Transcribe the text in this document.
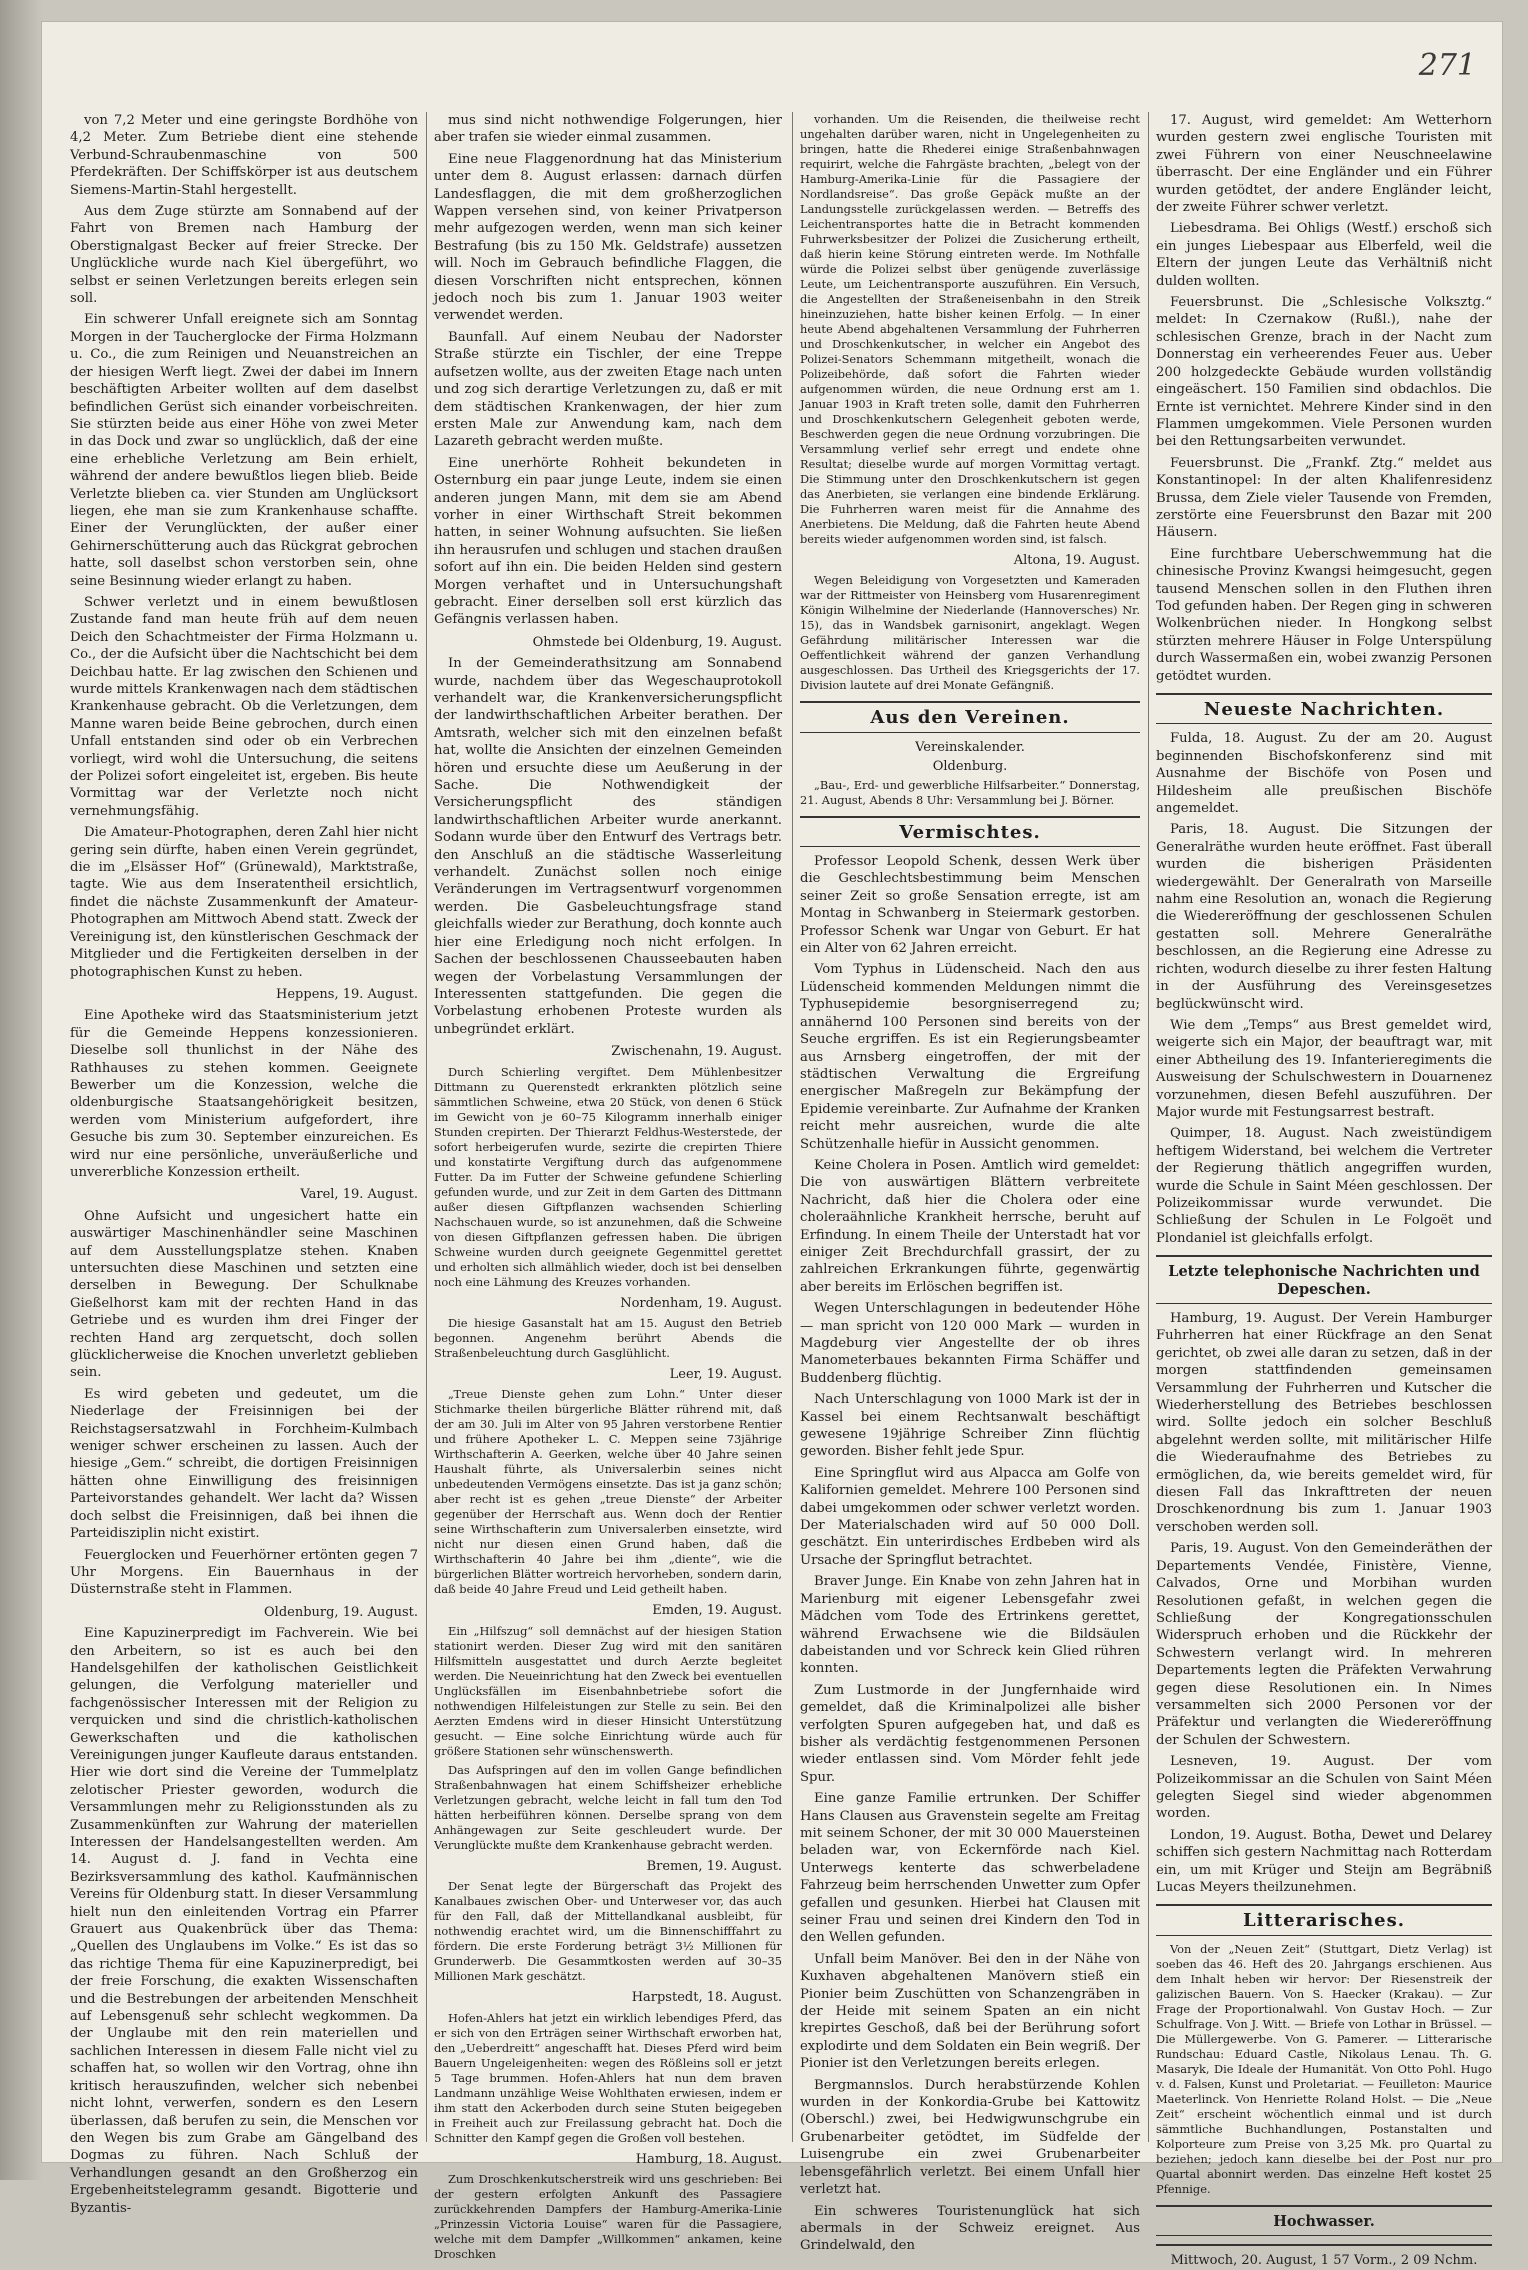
271

von 7,2 Meter und eine geringste Bordhöhe von 4,2 Meter. Zum Betriebe dient eine stehende Verbund-Schraubenmaschine von 500 Pferdekräften. Der Schiffskörper ist aus deutschem Siemens-Martin-Stahl hergestellt.

Aus dem Zuge stürzte am Sonnabend auf der Fahrt von Bremen nach Hamburg der Oberstignalgast Becker auf freier Strecke. Der Unglückliche wurde nach Kiel übergeführt, wo selbst er seinen Verletzungen bereits erlegen sein soll.

Ein schwerer Unfall ereignete sich am Sonntag Morgen in der Taucherglocke der Firma Holzmann u. Co., die zum Reinigen und Neuanstreichen an der hiesigen Werft liegt. Zwei der dabei im Innern beschäftigten Arbeiter wollten auf dem daselbst befindlichen Gerüst sich einander vorbeischreiten. Sie stürzten beide aus einer Höhe von zwei Meter in das Dock und zwar so unglücklich, daß der eine eine erhebliche Verletzung am Bein erhielt, während der andere bewußtlos liegen blieb. Beide Verletzte blieben ca. vier Stunden am Unglücksort liegen, ehe man sie zum Krankenhause schaffte. Einer der Verunglückten, der außer einer Gehirnerschütterung auch das Rückgrat gebrochen hatte, soll daselbst schon verstorben sein, ohne seine Besinnung wieder erlangt zu haben.

Schwer verletzt und in einem bewußtlosen Zustande fand man heute früh auf dem neuen Deich den Schachtmeister der Firma Holzmann u. Co., der die Aufsicht über die Nachtschicht bei dem Deichbau hatte. Er lag zwischen den Schienen und wurde mittels Krankenwagen nach dem städtischen Krankenhause gebracht. Ob die Verletzungen, dem Manne waren beide Beine gebrochen, durch einen Unfall entstanden sind oder ob ein Verbrechen vorliegt, wird wohl die Untersuchung, die seitens der Polizei sofort eingeleitet ist, ergeben. Bis heute Vormittag war der Verletzte noch nicht vernehmungsfähig.

Die Amateur-Photographen, deren Zahl hier nicht gering sein dürfte, haben einen Verein gegründet, die im „Elsässer Hof“ (Grünewald), Marktstraße, tagte. Wie aus dem Inseratentheil ersichtlich, findet die nächste Zusammenkunft der Amateur-Photographen am Mittwoch Abend statt. Zweck der Vereinigung ist, den künstlerischen Geschmack der Mitglieder und die Fertigkeiten derselben in der photographischen Kunst zu heben.

Heppens, 19. August.

Eine Apotheke wird das Staatsministerium jetzt für die Gemeinde Heppens konzessionieren. Dieselbe soll thunlichst in der Nähe des Rathhauses zu stehen kommen. Geeignete Bewerber um die Konzession, welche die oldenburgische Staatsangehörigkeit besitzen, werden vom Ministerium aufgefordert, ihre Gesuche bis zum 30. September einzureichen. Es wird nur eine persönliche, unveräußerliche und unvererbliche Konzession ertheilt.

Varel, 19. August.

Ohne Aufsicht und ungesichert hatte ein auswärtiger Maschinenhändler seine Maschinen auf dem Ausstellungsplatze stehen. Knaben untersuchten diese Maschinen und setzten eine derselben in Bewegung. Der Schulknabe Gießelhorst kam mit der rechten Hand in das Getriebe und es wurden ihm drei Finger der rechten Hand arg zerquetscht, doch sollen glücklicherweise die Knochen unverletzt geblieben sein.

Es wird gebeten und gedeutet, um die Niederlage der Freisinnigen bei der Reichstagsersatzwahl in Forchheim-Kulmbach weniger schwer erscheinen zu lassen. Auch der hiesige „Gem.“ schreibt, die dortigen Freisinnigen hätten ohne Einwilligung des freisinnigen Parteivorstandes gehandelt. Wer lacht da? Wissen doch selbst die Freisinnigen, daß bei ihnen die Parteidisziplin nicht existirt.

Feuerglocken und Feuerhörner ertönten gegen 7 Uhr Morgens. Ein Bauernhaus in der Düsternstraße steht in Flammen.

Oldenburg, 19. August.

Eine Kapuzinerpredigt im Fachverein. Wie bei den Arbeitern, so ist es auch bei den Handelsgehilfen der katholischen Geistlichkeit gelungen, die Verfolgung materieller und fachgenössischer Interessen mit der Religion zu verquicken und sind die christlich-katholischen Gewerkschaften und die katholischen Vereinigungen junger Kaufleute daraus entstanden. Hier wie dort sind die Vereine der Tummelplatz zelotischer Priester geworden, wodurch die Versammlungen mehr zu Religionsstunden als zu Zusammenkünften zur Wahrung der materiellen Interessen der Handelsangestellten werden. Am 14. August d. J. fand in Vechta eine Bezirksversammlung des kathol. Kaufmännischen Vereins für Oldenburg statt. In dieser Versammlung hielt nun den einleitenden Vortrag ein Pfarrer Grauert aus Quakenbrück über das Thema: „Quellen des Unglaubens im Volke.“ Es ist das so das richtige Thema für eine Kapuzinerpredigt, bei der freie Forschung, die exakten Wissenschaften und die Bestrebungen der arbeitenden Menschheit auf Lebensgenuß sehr schlecht wegkommen. Da der Unglaube mit den rein materiellen und sachlichen Interessen in diesem Falle nicht viel zu schaffen hat, so wollen wir den Vortrag, ohne ihn kritisch herauszufinden, welcher sich nebenbei nicht lohnt, verwerfen, sondern es den Lesern überlassen, daß berufen zu sein, die Menschen vor den Wegen bis zum Grabe am Gängelband des Dogmas zu führen. Nach Schluß der Verhandlungen gesandt an den Großherzog ein Ergebenheitstelegramm gesandt. Bigotterie und Byzantis-

mus sind nicht nothwendige Folgerungen, hier aber trafen sie wieder einmal zusammen.

Eine neue Flaggenordnung hat das Ministerium unter dem 8. August erlassen: darnach dürfen Landesflaggen, die mit dem großherzoglichen Wappen versehen sind, von keiner Privatperson mehr aufgezogen werden, wenn man sich keiner Bestrafung (bis zu 150 Mk. Geldstrafe) aussetzen will. Noch im Gebrauch befindliche Flaggen, die diesen Vorschriften nicht entsprechen, können jedoch noch bis zum 1. Januar 1903 weiter verwendet werden.

Baunfall. Auf einem Neubau der Nadorster Straße stürzte ein Tischler, der eine Treppe aufsetzen wollte, aus der zweiten Etage nach unten und zog sich derartige Verletzungen zu, daß er mit dem städtischen Krankenwagen, der hier zum ersten Male zur Anwendung kam, nach dem Lazareth gebracht werden mußte.

Eine unerhörte Rohheit bekundeten in Osternburg ein paar junge Leute, indem sie einen anderen jungen Mann, mit dem sie am Abend vorher in einer Wirthschaft Streit bekommen hatten, in seiner Wohnung aufsuchten. Sie ließen ihn herausrufen und schlugen und stachen draußen sofort auf ihn ein. Die beiden Helden sind gestern Morgen verhaftet und in Untersuchungshaft gebracht. Einer derselben soll erst kürzlich das Gefängnis verlassen haben.

Ohmstede bei Oldenburg, 19. August.

In der Gemeinderathsitzung am Sonnabend wurde, nachdem über das Wegeschauprotokoll verhandelt war, die Krankenversicherungspflicht der landwirthschaftlichen Arbeiter berathen. Der Amtsrath, welcher sich mit den einzelnen befaßt hat, wollte die Ansichten der einzelnen Gemeinden hören und ersuchte diese um Aeußerung in der Sache. Die Nothwendigkeit der Versicherungspflicht des ständigen landwirthschaftlichen Arbeiter wurde anerkannt. Sodann wurde über den Entwurf des Vertrags betr. den Anschluß an die städtische Wasserleitung verhandelt. Zunächst sollen noch einige Veränderungen im Vertragsentwurf vorgenommen werden. Die Gasbeleuchtungsfrage stand gleichfalls wieder zur Berathung, doch konnte auch hier eine Erledigung noch nicht erfolgen. In Sachen der beschlossenen Chausseebauten haben wegen der Vorbelastung Versammlungen der Interessenten stattgefunden. Die gegen die Vorbelastung erhobenen Proteste wurden als unbegründet erklärt.

Zwischenahn, 19. August.

Durch Schierling vergiftet. Dem Mühlenbesitzer Dittmann zu Querenstedt erkrankten plötzlich seine sämmtlichen Schweine, etwa 20 Stück, von denen 6 Stück im Gewicht von je 60–75 Kilogramm innerhalb einiger Stunden crepirten. Der Thierarzt Feldhus-Westerstede, der sofort herbeigerufen wurde, sezirte die crepirten Thiere und konstatirte Vergiftung durch das aufgenommene Futter. Da im Futter der Schweine gefundene Schierling gefunden wurde, und zur Zeit in dem Garten des Dittmann außer diesen Giftpflanzen wachsenden Schierling Nachschauen wurde, so ist anzunehmen, daß die Schweine von diesen Giftpflanzen gefressen haben. Die übrigen Schweine wurden durch geeignete Gegenmittel gerettet und erholten sich allmählich wieder, doch ist bei denselben noch eine Lähmung des Kreuzes vorhanden.

Nordenham, 19. August.

Die hiesige Gasanstalt hat am 15. August den Betrieb begonnen. Angenehm berührt Abends die Straßenbeleuchtung durch Gasglühlicht.

Leer, 19. August.

„Treue Dienste gehen zum Lohn.“ Unter dieser Stichmarke theilen bürgerliche Blätter rührend mit, daß der am 30. Juli im Alter von 95 Jahren verstorbene Rentier und frühere Apotheker L. C. Meppen seine 73jährige Wirthschafterin A. Geerken, welche über 40 Jahre seinen Haushalt führte, als Universalerbin seines nicht unbedeutenden Vermögens einsetzte. Das ist ja ganz schön; aber recht ist es gehen „treue Dienste“ der Arbeiter gegenüber der Herrschaft aus. Wenn doch der Rentier seine Wirthschafterin zum Universalerben einsetzte, wird nicht nur diesen einen Grund haben, daß die Wirthschafterin 40 Jahre bei ihm „diente“, wie die bürgerlichen Blätter wortreich hervorheben, sondern darin, daß beide 40 Jahre Freud und Leid getheilt haben.

Emden, 19. August.

Ein „Hilfszug“ soll demnächst auf der hiesigen Station stationirt werden. Dieser Zug wird mit den sanitären Hilfsmitteln ausgestattet und durch Aerzte begleitet werden. Die Neueinrichtung hat den Zweck bei eventuellen Unglücksfällen im Eisenbahnbetriebe sofort die nothwendigen Hilfeleistungen zur Stelle zu sein. Bei den Aerzten Emdens wird in dieser Hinsicht Unterstützung gesucht. — Eine solche Einrichtung würde auch für größere Stationen sehr wünschenswerth.

Das Aufspringen auf den im vollen Gange befindlichen Straßenbahnwagen hat einem Schiffsheizer erhebliche Verletzungen gebracht, welche leicht in fall tum den Tod hätten herbeiführen können. Derselbe sprang von dem Anhängewagen zur Seite geschleudert wurde. Der Verunglückte mußte dem Krankenhause gebracht werden.

Bremen, 19. August.

Der Senat legte der Bürgerschaft das Projekt des Kanalbaues zwischen Ober- und Unterweser vor, das auch für den Fall, daß der Mittellandkanal ausbleibt, für nothwendig erachtet wird, um die Binnenschifffahrt zu fördern. Die erste Forderung beträgt 3½ Millionen für Grunderwerb. Die Gesammtkosten werden auf 30–35 Millionen Mark geschätzt.

Harpstedt, 18. August.

Hofen-Ahlers hat jetzt ein wirklich lebendiges Pferd, das er sich von den Erträgen seiner Wirthschaft erworben hat, den „Ueberdreitt“ angeschafft hat. Dieses Pferd wird beim Bauern Ungeleigenheiten: wegen des Rößleins soll er jetzt 5 Tage brummen. Hofen-Ahlers hat nun dem braven Landmann unzählige Weise Wohlthaten erwiesen, indem er ihm statt den Ackerboden durch seine Stuten beigegeben in Freiheit auch zur Freilassung gebracht hat. Doch die Schnitter den Kampf gegen die Großen voll bestehen.

Hamburg, 18. August.

Zum Droschkenkutscherstreik wird uns geschrieben: Bei der gestern erfolgten Ankunft des Passagiere zurückkehrenden Dampfers der Hamburg-Amerika-Linie „Prinzessin Victoria Louise“ waren für die Passagiere, welche mit dem Dampfer „Willkommen“ ankamen, keine Droschken

vorhanden. Um die Reisenden, die theilweise recht ungehalten darüber waren, nicht in Ungelegenheiten zu bringen, hatte die Rhederei einige Straßenbahnwagen requirirt, welche die Fahrgäste brachten, „belegt von der Hamburg-Amerika-Linie für die Passagiere der Nordlandsreise“. Das große Gepäck mußte an der Landungsstelle zurückgelassen werden. — Betreffs des Leichentransportes hatte die in Betracht kommenden Fuhrwerksbesitzer der Polizei die Zusicherung ertheilt, daß hierin keine Störung eintreten werde. Im Nothfalle würde die Polizei selbst über genügende zuverlässige Leute, um Leichentransporte auszuführen. Ein Versuch, die Angestellten der Straßeneisenbahn in den Streik hineinzuziehen, hatte bisher keinen Erfolg. — In einer heute Abend abgehaltenen Versammlung der Fuhrherren und Droschkenkutscher, in welcher ein Angebot des Polizei-Senators Schemmann mitgetheilt, wonach die Polizeibehörde, daß sofort die Fahrten wieder aufgenommen würden, die neue Ordnung erst am 1. Januar 1903 in Kraft treten solle, damit den Fuhrherren und Droschkenkutschern Gelegenheit geboten werde, Beschwerden gegen die neue Ordnung vorzubringen. Die Versammlung verlief sehr erregt und endete ohne Resultat; dieselbe wurde auf morgen Vormittag vertagt. Die Stimmung unter den Droschkenkutschern ist gegen das Anerbieten, sie verlangen eine bindende Erklärung. Die Fuhrherren waren meist für die Annahme des Anerbietens. Die Meldung, daß die Fahrten heute Abend bereits wieder aufgenommen worden sind, ist falsch.

Altona, 19. August.

Wegen Beleidigung von Vorgesetzten und Kameraden war der Rittmeister von Heinsberg vom Husarenregiment Königin Wilhelmine der Niederlande (Hannoversches) Nr. 15), das in Wandsbek garnisonirt, angeklagt. Wegen Gefährdung militärischer Interessen war die Oeffentlichkeit während der ganzen Verhandlung ausgeschlossen. Das Urtheil des Kriegsgerichts der 17. Division lautete auf drei Monate Gefängniß.

Aus den Vereinen.
Vereinskalender.
Oldenburg.

„Bau-, Erd- und gewerbliche Hilfsarbeiter.“ Donnerstag, 21. August, Abends 8 Uhr: Versammlung bei J. Börner.

Vermischtes.

Professor Leopold Schenk, dessen Werk über die Geschlechtsbestimmung beim Menschen seiner Zeit so große Sensation erregte, ist am Montag in Schwanberg in Steiermark gestorben. Professor Schenk war Ungar von Geburt. Er hat ein Alter von 62 Jahren erreicht.

Vom Typhus in Lüdenscheid. Nach den aus Lüdenscheid kommenden Meldungen nimmt die Typhusepidemie besorgniserregend zu; annähernd 100 Personen sind bereits von der Seuche ergriffen. Es ist ein Regierungsbeamter aus Arnsberg eingetroffen, der mit der städtischen Verwaltung die Ergreifung energischer Maßregeln zur Bekämpfung der Epidemie vereinbarte. Zur Aufnahme der Kranken reicht mehr ausreichen, wurde die alte Schützenhalle hiefür in Aussicht genommen.

Keine Cholera in Posen. Amtlich wird gemeldet: Die von auswärtigen Blättern verbreitete Nachricht, daß hier die Cholera oder eine choleraähnliche Krankheit herrsche, beruht auf Erfindung. In einem Theile der Unterstadt hat vor einiger Zeit Brechdurchfall grassirt, der zu zahlreichen Erkrankungen führte, gegenwärtig aber bereits im Erlöschen begriffen ist.

Wegen Unterschlagungen in bedeutender Höhe — man spricht von 120 000 Mark — wurden in Magdeburg vier Angestellte der ob ihres Manometerbaues bekannten Firma Schäffer und Buddenberg flüchtig.

Nach Unterschlagung von 1000 Mark ist der in Kassel bei einem Rechtsanwalt beschäftigt gewesene 19jährige Schreiber Zinn flüchtig geworden. Bisher fehlt jede Spur.

Eine Springflut wird aus Alpacca am Golfe von Kalifornien gemeldet. Mehrere 100 Personen sind dabei umgekommen oder schwer verletzt worden. Der Materialschaden wird auf 50 000 Doll. geschätzt. Ein unterirdisches Erdbeben wird als Ursache der Springflut betrachtet.

Braver Junge. Ein Knabe von zehn Jahren hat in Marienburg mit eigener Lebensgefahr zwei Mädchen vom Tode des Ertrinkens gerettet, während Erwachsene wie die Bildsäulen dabeistanden und vor Schreck kein Glied rühren konnten.

Zum Lustmorde in der Jungfernhaide wird gemeldet, daß die Kriminalpolizei alle bisher verfolgten Spuren aufgegeben hat, und daß es bisher als verdächtig festgenommenen Personen wieder entlassen sind. Vom Mörder fehlt jede Spur.

Eine ganze Familie ertrunken. Der Schiffer Hans Clausen aus Gravenstein segelte am Freitag mit seinem Schoner, der mit 30 000 Mauersteinen beladen war, von Eckernförde nach Kiel. Unterwegs kenterte das schwerbeladene Fahrzeug beim herrschenden Unwetter zum Opfer gefallen und gesunken. Hierbei hat Clausen mit seiner Frau und seinen drei Kindern den Tod in den Wellen gefunden.

Unfall beim Manöver. Bei den in der Nähe von Kuxhaven abgehaltenen Manövern stieß ein Pionier beim Zuschütten von Schanzengräben in der Heide mit seinem Spaten an ein nicht krepirtes Geschoß, daß bei der Berührung sofort explodirte und dem Soldaten ein Bein wegriß. Der Pionier ist den Verletzungen bereits erlegen.

Bergmannslos. Durch herabstürzende Kohlen wurden in der Konkordia-Grube bei Kattowitz (Oberschl.) zwei, bei Hedwigwunschgrube ein Grubenarbeiter getödtet, im Südfelde der Luisengrube ein zwei Grubenarbeiter lebensgefährlich verletzt. Bei einem Unfall hier verletzt hat.

Ein schweres Touristenunglück hat sich abermals in der Schweiz ereignet. Aus Grindelwald, den

17. August, wird gemeldet: Am Wetterhorn wurden gestern zwei englische Touristen mit zwei Führern von einer Neuschneelawine überrascht. Der eine Engländer und ein Führer wurden getödtet, der andere Engländer leicht, der zweite Führer schwer verletzt.

Liebesdrama. Bei Ohligs (Westf.) erschoß sich ein junges Liebespaar aus Elberfeld, weil die Eltern der jungen Leute das Verhältniß nicht dulden wollten.

Feuersbrunst. Die „Schlesische Volksztg.“ meldet: In Czernakow (Rußl.), nahe der schlesischen Grenze, brach in der Nacht zum Donnerstag ein verheerendes Feuer aus. Ueber 200 holzgedeckte Gebäude wurden vollständig eingeäschert. 150 Familien sind obdachlos. Die Ernte ist vernichtet. Mehrere Kinder sind in den Flammen umgekommen. Viele Personen wurden bei den Rettungsarbeiten verwundet.

Feuersbrunst. Die „Frankf. Ztg.“ meldet aus Konstantinopel: In der alten Khalifenresidenz Brussa, dem Ziele vieler Tausende von Fremden, zerstörte eine Feuersbrunst den Bazar mit 200 Häusern.

Eine furchtbare Ueberschwemmung hat die chinesische Provinz Kwangsi heimgesucht, gegen tausend Menschen sollen in den Fluthen ihren Tod gefunden haben. Der Regen ging in schweren Wolkenbrüchen nieder. In Hongkong selbst stürzten mehrere Häuser in Folge Unterspülung durch Wassermaßen ein, wobei zwanzig Personen getödtet wurden.

Neueste Nachrichten.

Fulda, 18. August. Zu der am 20. August beginnenden Bischofskonferenz sind mit Ausnahme der Bischöfe von Posen und Hildesheim alle preußischen Bischöfe angemeldet.

Paris, 18. August. Die Sitzungen der Generalräthe wurden heute eröffnet. Fast überall wurden die bisherigen Präsidenten wiedergewählt. Der Generalrath von Marseille nahm eine Resolution an, wonach die Regierung die Wiedereröffnung der geschlossenen Schulen gestatten soll. Mehrere Generalräthe beschlossen, an die Regierung eine Adresse zu richten, wodurch dieselbe zu ihrer festen Haltung in der Ausführung des Vereinsgesetzes beglückwünscht wird.

Wie dem „Temps“ aus Brest gemeldet wird, weigerte sich ein Major, der beauftragt war, mit einer Abtheilung des 19. Infanterieregiments die Ausweisung der Schulschwestern in Douarnenez vorzunehmen, diesen Befehl auszuführen. Der Major wurde mit Festungsarrest bestraft.

Quimper, 18. August. Nach zweistündigem heftigem Widerstand, bei welchem die Vertreter der Regierung thätlich angegriffen wurden, wurde die Schule in Saint Méen geschlossen. Der Polizeikommissar wurde verwundet. Die Schließung der Schulen in Le Folgoët und Plondaniel ist gleichfalls erfolgt.

Letzte telephonische Nachrichten und Depeschen.

Hamburg, 19. August. Der Verein Hamburger Fuhrherren hat einer Rückfrage an den Senat gerichtet, ob zwei alle daran zu setzen, daß in der morgen stattfindenden gemeinsamen Versammlung der Fuhrherren und Kutscher die Wiederherstellung des Betriebes beschlossen wird. Sollte jedoch ein solcher Beschluß abgelehnt werden sollte, mit militärischer Hilfe die Wiederaufnahme des Betriebes zu ermöglichen, da, wie bereits gemeldet wird, für diesen Fall das Inkrafttreten der neuen Droschkenordnung bis zum 1. Januar 1903 verschoben werden soll.

Paris, 19. August. Von den Gemeinderäthen der Departements Vendée, Finistère, Vienne, Calvados, Orne und Morbihan wurden Resolutionen gefaßt, in welchen gegen die Schließung der Kongregationsschulen Widerspruch erhoben und die Rückkehr der Schwestern verlangt wird. In mehreren Departements legten die Präfekten Verwahrung gegen diese Resolutionen ein. In Nimes versammelten sich 2000 Personen vor der Präfektur und verlangten die Wiedereröffnung der Schulen der Schwestern.

Lesneven, 19. August. Der vom Polizeikommissar an die Schulen von Saint Méen gelegten Siegel sind wieder abgenommen worden.

London, 19. August. Botha, Dewet und Delarey schiffen sich gestern Nachmittag nach Rotterdam ein, um mit Krüger und Steijn am Begräbniß Lucas Meyers theilzunehmen.

Litterarisches.

Von der „Neuen Zeit“ (Stuttgart, Dietz Verlag) ist soeben das 46. Heft des 20. Jahrgangs erschienen. Aus dem Inhalt heben wir hervor: Der Riesenstreik der galizischen Bauern. Von S. Haecker (Krakau). — Zur Frage der Proportionalwahl. Von Gustav Hoch. — Zur Schulfrage. Von J. Witt. — Briefe von Lothar in Brüssel. — Die Müllergewerbe. Von G. Pamerer. — Litterarische Rundschau: Eduard Castle, Nikolaus Lenau. Th. G. Masaryk, Die Ideale der Humanität. Von Otto Pohl. Hugo v. d. Falsen, Kunst und Proletariat. — Feuilleton: Maurice Maeterlinck. Von Henriette Roland Holst. — Die „Neue Zeit“ erscheint wöchentlich einmal und ist durch sämmtliche Buchhandlungen, Postanstalten und Kolporteure zum Preise von 3,25 Mk. pro Quartal zu beziehen; jedoch kann dieselbe bei der Post nur pro Quartal abonnirt werden. Das einzelne Heft kostet 25 Pfennige.

Hochwasser.
Mittwoch, 20. August, 1 57 Vorm., 2 09 Nchm.
